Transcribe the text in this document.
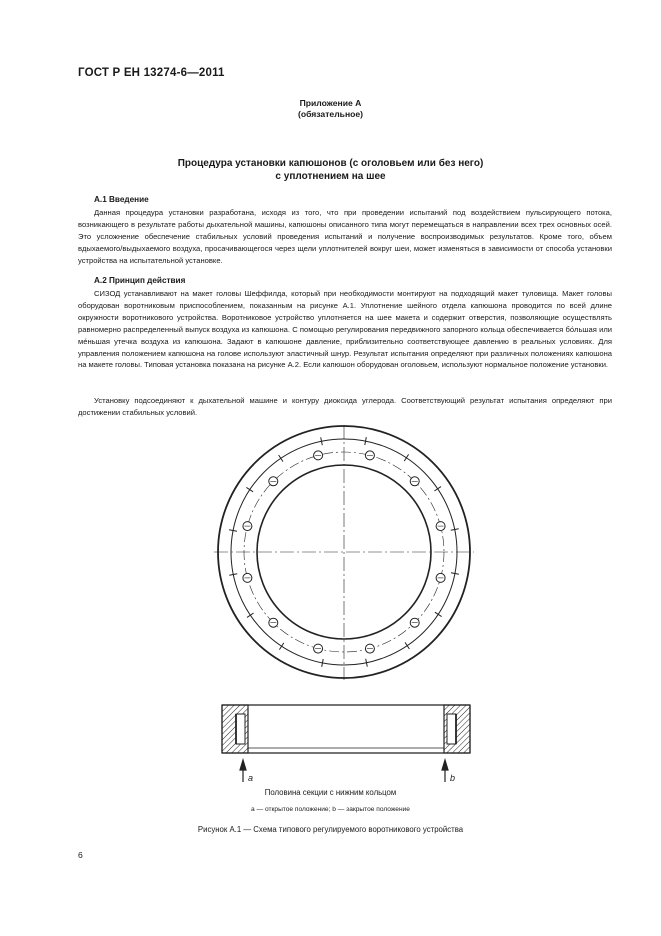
ГОСТ Р ЕН 13274-6—2011
Приложение А
(обязательное)
Процедура установки капюшонов (с оголовьем или без него)
с уплотнением на шее
А.1 Введение

Данная процедура установки разработана, исходя из того, что при проведении испытаний под воздействием пульсирующего потока, возникающего в результате работы дыхательной машины, капюшоны описанного типа могут перемещаться в направлении всех трех основных осей. Это уcложнение обеспечение стабильных условий проведения испытаний и получение воспроизводимых результатов. Кроме того, объем вдыхаемого/выдыхаемого воздуха, просачивающегося через щели уплотнителей вокруг шеи, может изменяться в зависимости от способа установки устройства на испытательной установке.

А.2 Принцип действия

СИЗОД устанавливают на макет головы Шеффилда, который при необходимости монтируют на подходящий макет туловища. Макет головы оборудован воротниковым приспособлением, показанным на рисунке А.1. Уплотнение шейного отдела капюшона проводится по всей длине окружности воротникового устройства. Воротниковое устройство уплотняется на шее макета и содержит отверстия, позволяющие осуществлять равномерно распределенный выпуск воздуха из капюшона. С помощью регулирования передвижного запорного кольца обеспечивается бóльшая или мéньшая утечка воздуха из капюшона. Задают в капюшоне давление, приблизительно соответствующее давлению в реальных условиях. Для управления положением капюшона на голове используют эластичный шнур. Результат испытания определяют при различных положениях капюшона на макете головы. Типовая установка показана на рисунке А.2. Если капюшон оборудован оголовьем, используют нормальное положение установки.

Установку подсоединяют к дыхательной машине и контуру диоксида углерода. Соответствующий результат испытания определяют при достижении стабильных условий.

a	b
Половина секции с нижним кольцом
а — открытое положение; b — закрытое положение
Рисунок А.1 — Схема типового регулируемого воротникового устройства
6
